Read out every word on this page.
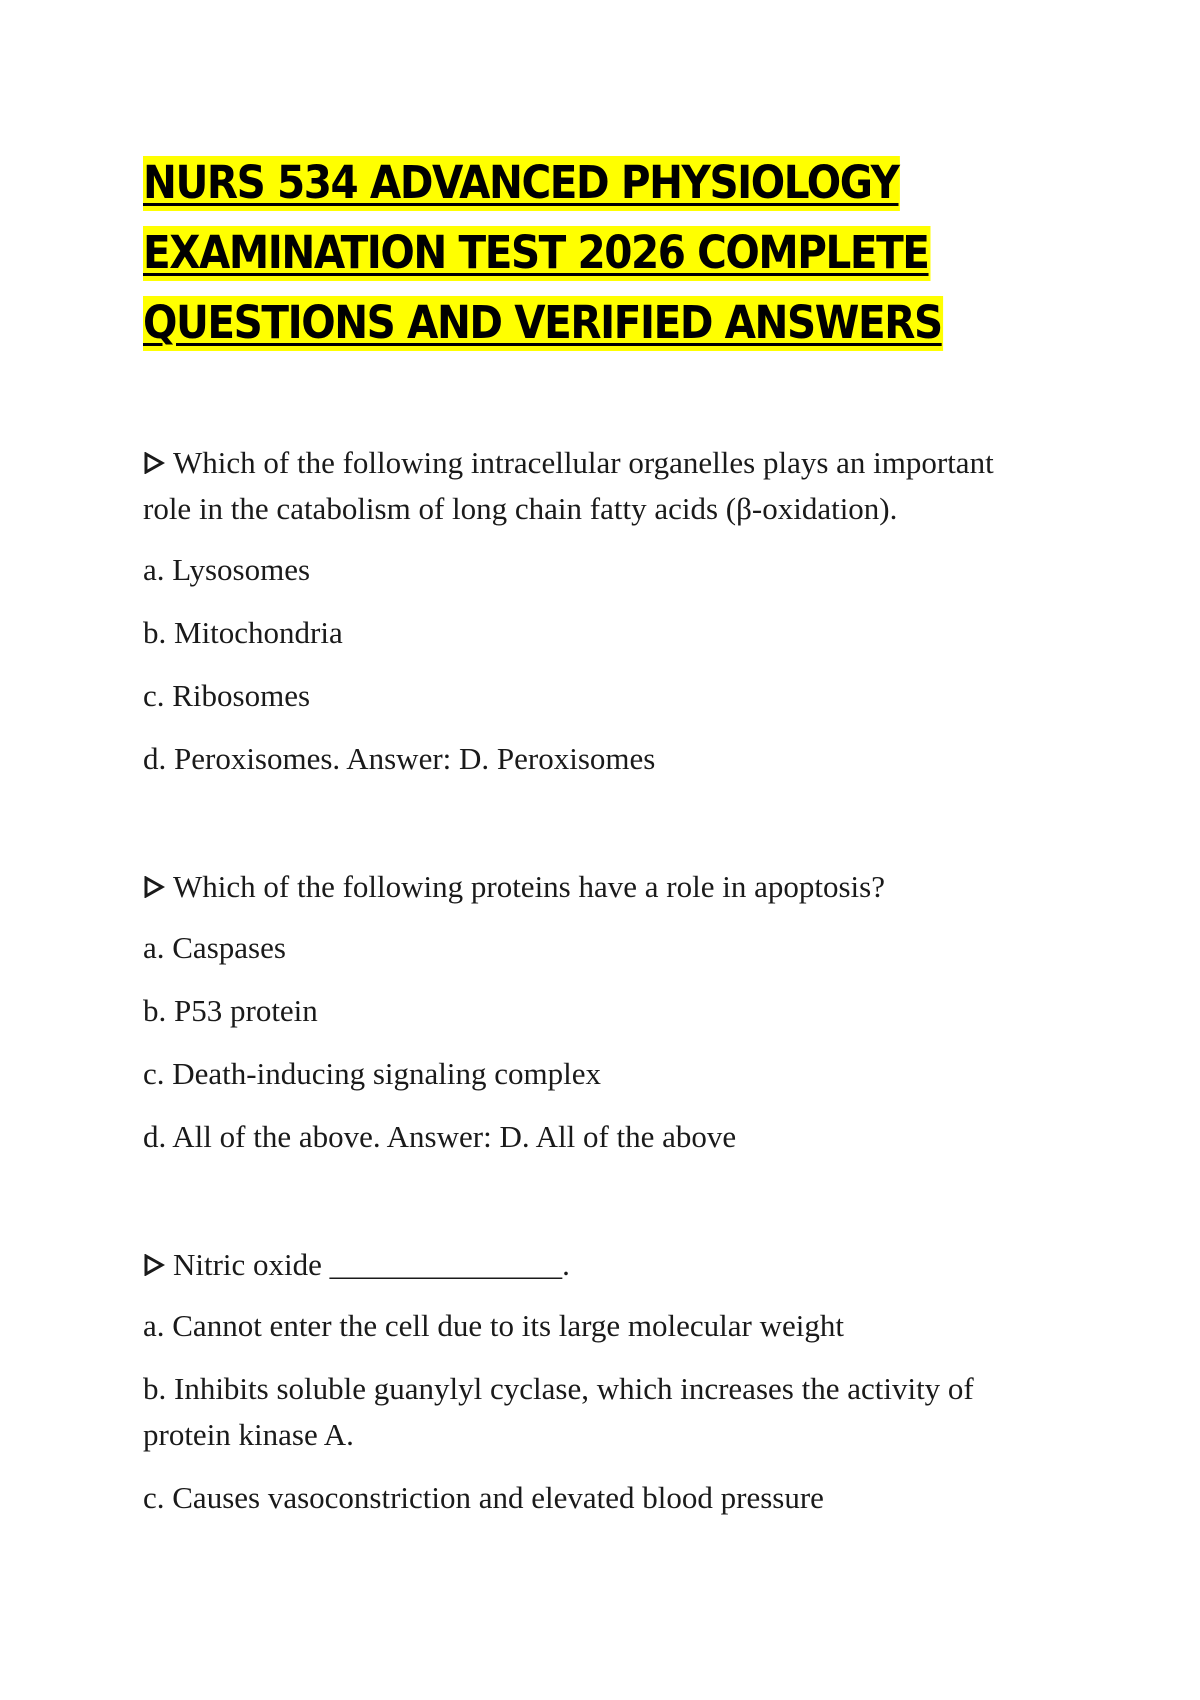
NURS 534 ADVANCED PHYSIOLOGY
EXAMINATION TEST 2026 COMPLETE
QUESTIONS AND VERIFIED ANSWERS

Which of the following intracellular organelles plays an important role in the catabolism of long chain fatty acids (β-oxidation).

a. Lysosomes

b. Mitochondria

c. Ribosomes

d. Peroxisomes. Answer: D. Peroxisomes

Which of the following proteins have a role in apoptosis?

a. Caspases

b. P53 protein

c. Death-inducing signaling complex

d. All of the above. Answer: D. All of the above

Nitric oxide _______________.

a. Cannot enter the cell due to its large molecular weight

b. Inhibits soluble guanylyl cyclase, which increases the activity of protein kinase A.

c. Causes vasoconstriction and elevated blood pressure
